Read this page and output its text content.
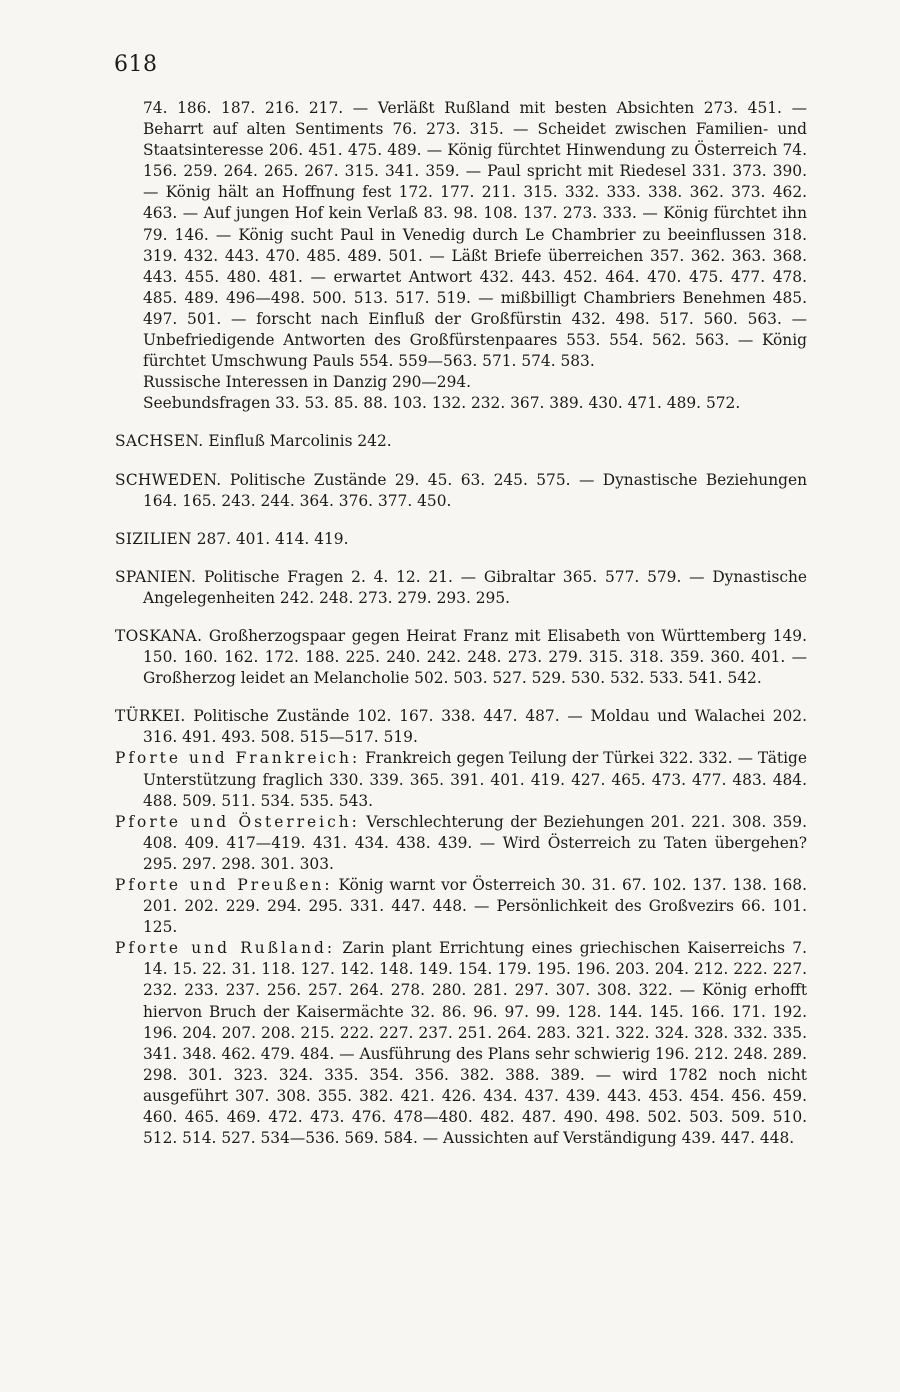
618

74. 186. 187. 216. 217. — Verläßt Rußland mit besten Absichten 273. 451. — Beharrt auf alten Sentiments 76. 273. 315. — Scheidet zwischen Familien- und Staatsinteresse 206. 451. 475. 489. — König fürchtet Hinwendung zu Österreich 74. 156. 259. 264. 265. 267. 315. 341. 359. — Paul spricht mit Riedesel 331. 373. 390. — König hält an Hoffnung fest 172. 177. 211. 315. 332. 333. 338. 362. 373. 462. 463. — Auf jungen Hof kein Verlaß 83. 98. 108. 137. 273. 333. — König fürchtet ihn 79. 146. — König sucht Paul in Venedig durch Le Chambrier zu beeinflussen 318. 319. 432. 443. 470. 485. 489. 501. — Läßt Briefe überreichen 357. 362. 363. 368. 443. 455. 480. 481. — erwartet Antwort 432. 443. 452. 464. 470. 475. 477. 478. 485. 489. 496—498. 500. 513. 517. 519. — mißbilligt Chambriers Benehmen 485. 497. 501. — forscht nach Einfluß der Großfürstin 432. 498. 517. 560. 563. — Unbefriedigende Antworten des Großfürstenpaares 553. 554. 562. 563. — König fürchtet Umschwung Pauls 554. 559—563. 571. 574. 583.

Russische Interessen in Danzig 290—294.

Seebundsfragen 33. 53. 85. 88. 103. 132. 232. 367. 389. 430. 471. 489. 572.

SACHSEN. Einfluß Marcolinis 242.

SCHWEDEN. Politische Zustände 29. 45. 63. 245. 575. — Dynastische Beziehungen 164. 165. 243. 244. 364. 376. 377. 450.

SIZILIEN 287. 401. 414. 419.

SPANIEN. Politische Fragen 2. 4. 12. 21. — Gibraltar 365. 577. 579. — Dynastische Angelegenheiten 242. 248. 273. 279. 293. 295.

TOSKANA. Großherzogspaar gegen Heirat Franz mit Elisabeth von Württemberg 149. 150. 160. 162. 172. 188. 225. 240. 242. 248. 273. 279. 315. 318. 359. 360. 401. — Großherzog leidet an Melancholie 502. 503. 527. 529. 530. 532. 533. 541. 542.

TÜRKEI. Politische Zustände 102. 167. 338. 447. 487. — Moldau und Walachei 202. 316. 491. 493. 508. 515—517. 519.

Pforte und Frankreich: Frankreich gegen Teilung der Türkei 322. 332. — Tätige Unterstützung fraglich 330. 339. 365. 391. 401. 419. 427. 465. 473. 477. 483. 484. 488. 509. 511. 534. 535. 543.

Pforte und Österreich: Verschlechterung der Beziehungen 201. 221. 308. 359. 408. 409. 417—419. 431. 434. 438. 439. — Wird Österreich zu Taten übergehen? 295. 297. 298. 301. 303.

Pforte und Preußen: König warnt vor Österreich 30. 31. 67. 102. 137. 138. 168. 201. 202. 229. 294. 295. 331. 447. 448. — Persönlichkeit des Großvezirs 66. 101. 125.

Pforte und Rußland: Zarin plant Errichtung eines griechischen Kaiserreichs 7. 14. 15. 22. 31. 118. 127. 142. 148. 149. 154. 179. 195. 196. 203. 204. 212. 222. 227. 232. 233. 237. 256. 257. 264. 278. 280. 281. 297. 307. 308. 322. — König erhofft hiervon Bruch der Kaisermächte 32. 86. 96. 97. 99. 128. 144. 145. 166. 171. 192. 196. 204. 207. 208. 215. 222. 227. 237. 251. 264. 283. 321. 322. 324. 328. 332. 335. 341. 348. 462. 479. 484. — Ausführung des Plans sehr schwierig 196. 212. 248. 289. 298. 301. 323. 324. 335. 354. 356. 382. 388. 389. — wird 1782 noch nicht ausgeführt 307. 308. 355. 382. 421. 426. 434. 437. 439. 443. 453. 454. 456. 459. 460. 465. 469. 472. 473. 476. 478—480. 482. 487. 490. 498. 502. 503. 509. 510. 512. 514. 527. 534—536. 569. 584. — Aussichten auf Verständigung 439. 447. 448.
